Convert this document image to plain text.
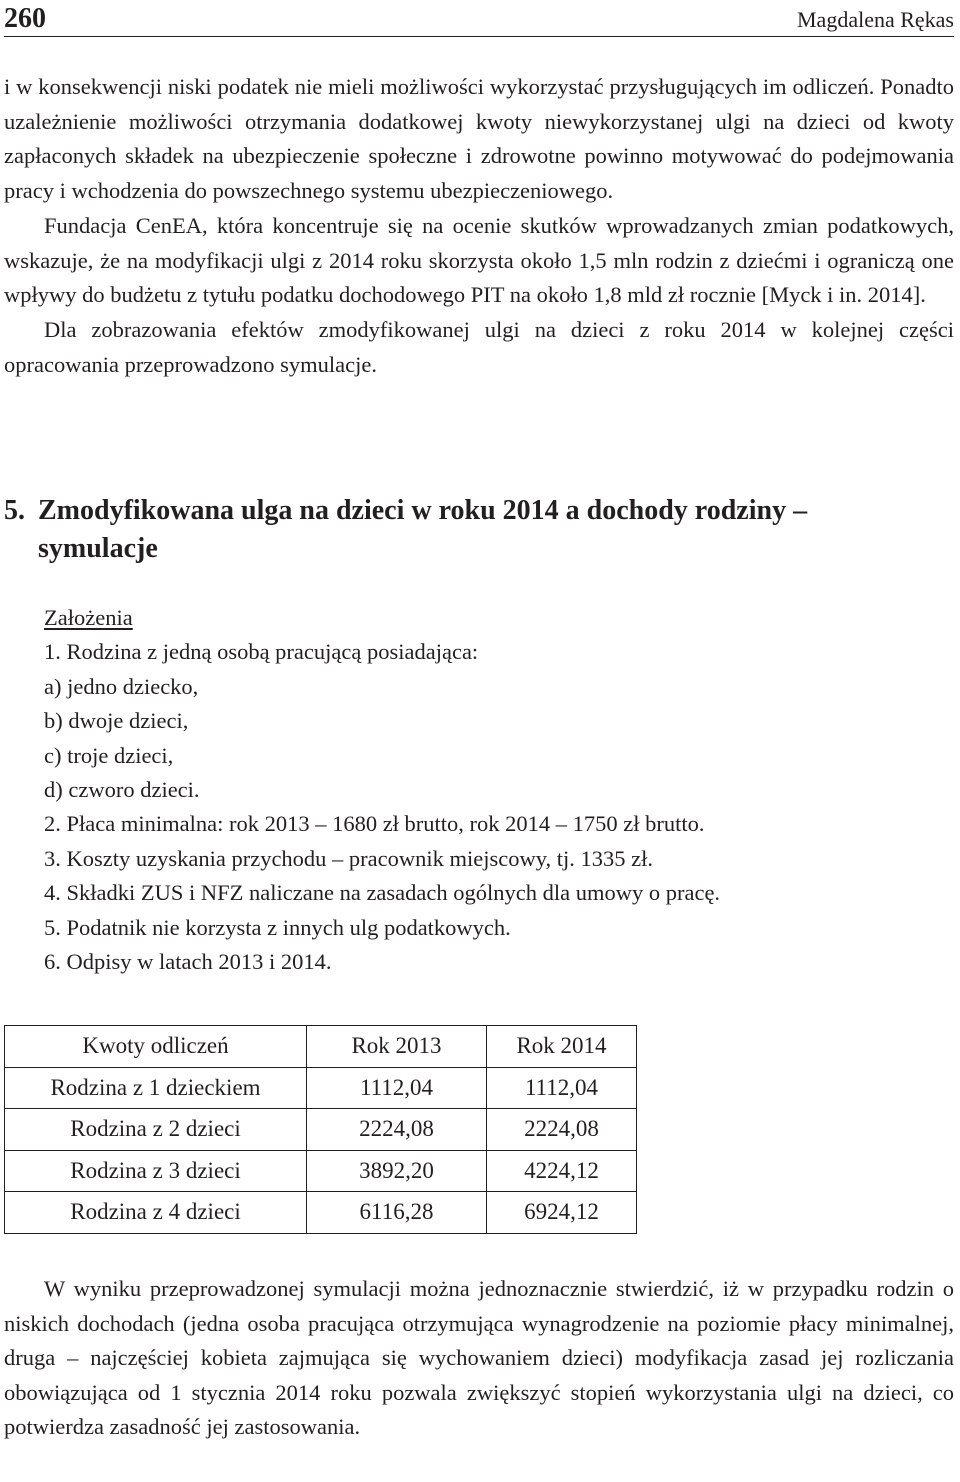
260	Magdalena Rękas

i w konsekwencji niski podatek nie mieli możliwości wykorzystać przysługujących im odliczeń. Ponadto uzależnienie możliwości otrzymania dodatkowej kwoty niewykorzystanej ulgi na dzieci od kwoty zapłaconych składek na ubezpieczenie społeczne i zdrowotne powinno motywować do podejmowania pracy i wchodzenia do powszechnego systemu ubezpieczeniowego.

Fundacja CenEA, która koncentruje się na ocenie skutków wprowadzanych zmian podatkowych, wskazuje, że na modyfikacji ulgi z 2014 roku skorzysta około 1,5 mln rodzin z dziećmi i ograniczą one wpływy do budżetu z tytułu podatku dochodowego PIT na około 1,8 mld zł rocznie [Myck i in. 2014].

Dla zobrazowania efektów zmodyfikowanej ulgi na dzieci z roku 2014 w kolejnej części opracowania przeprowadzono symulacje.

5. Zmodyfikowana ulga na dzieci w roku 2014 a dochody rodziny –
symulacje
Założenia
1. Rodzina z jedną osobą pracującą posiadająca:
a) jedno dziecko,
b) dwoje dzieci,
c) troje dzieci,
d) czworo dzieci.
2. Płaca minimalna: rok 2013 – 1680 zł brutto, rok 2014 – 1750 zł brutto.
3. Koszty uzyskania przychodu – pracownik miejscowy, tj. 1335 zł.
4. Składki ZUS i NFZ naliczane na zasadach ogólnych dla umowy o pracę.
5. Podatnik nie korzysta z innych ulg podatkowych.
6. Odpisy w latach 2013 i 2014.
Kwoty odliczeń	Rok 2013	Rok 2014
Rodzina z 1 dzieckiem	1112,04	1112,04
Rodzina z 2 dzieci	2224,08	2224,08
Rodzina z 3 dzieci	3892,20	4224,12
Rodzina z 4 dzieci	6116,28	6924,12

W wyniku przeprowadzonej symulacji można jednoznacznie stwierdzić, iż w przypadku rodzin o niskich dochodach (jedna osoba pracująca otrzymująca wynagrodzenie na poziomie płacy minimalnej, druga – najczęściej kobieta zajmująca się wychowaniem dzieci) modyfikacja zasad jej rozliczania obowiązująca od 1 stycznia 2014 roku pozwala zwiększyć stopień wykorzystania ulgi na dzieci, co potwierdza zasadność jej zastosowania.
